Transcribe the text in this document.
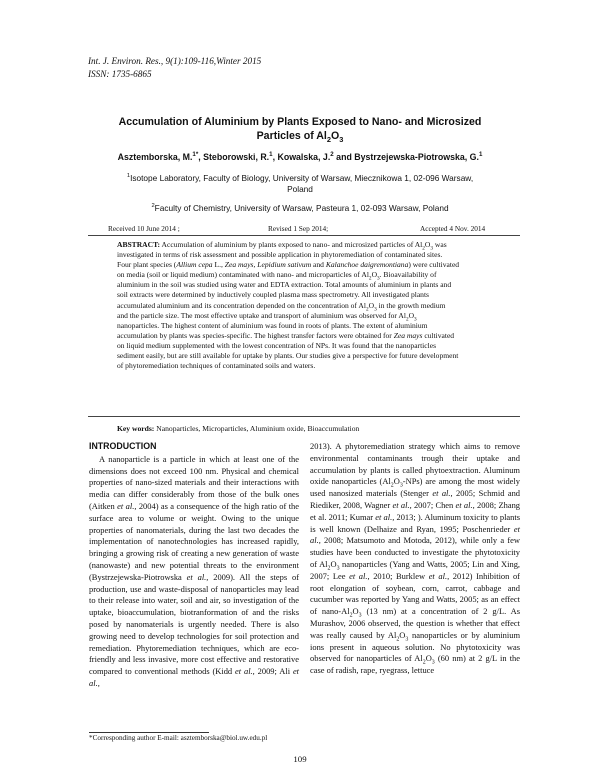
Int. J. Environ. Res., 9(1):109-116,Winter 2015
ISSN: 1735-6865
Accumulation of Aluminium by Plants Exposed to Nano- and Microsized
Particles of $Al_2O_3$
Asztemborska, M.$^{1*}$, Steborowski, R.$^1$, Kowalska, J.$^2$ and Bystrzejewska-Piotrowska, G.$^1$
$^1$Isotope Laboratory, Faculty of Biology, University of Warsaw, Miecznikowa 1, 02-096 Warsaw,
Poland
$^2$Faculty of Chemistry, University of Warsaw, Pasteura 1, 02-093 Warsaw, Poland
Received 10 June 2014 ;	Revised 1 Sep 2014;	Accepted 4 Nov. 2014
ABSTRACT: Accumulation of aluminium by plants exposed to nano- and microsized particles of $Al_2O_3$ was
investigated in terms of risk assessment and possible application in phytoremediation of contaminated sites.
Four plant species (Allium cepa L., Zea mays, Lepidium sativum and Kalanchoe daigremontiana) were cultivated
on media (soil or liquid medium) contaminated with nano- and microparticles of $Al_2O_3$. Bioavailability of
aluminium in the soil was studied using water and EDTA extraction. Total amounts of aluminium in plants and
soil extracts were determined by inductively coupled plasma mass spectrometry. All investigated plants
accumulated aluminium and its concentration depended on the concentration of $Al_2O_3$ in the growth medium
and the particle size. The most effective uptake and transport of aluminium was observed for $Al_2O_3$
nanoparticles. The highest content of aluminium was found in roots of plants. The extent of aluminium
accumulation by plants was species-specific. The highest transfer factors were obtained for Zea mays cultivated
on liquid medium supplemented with the lowest concentration of NPs. It was found that the nanoparticles
sediment easily, but are still available for uptake by plants. Our studies give a perspective for future development
of phytoremediation techniques of contaminated soils and waters.
Key words: Nanoparticles, Microparticles, Aluminium oxide, Bioaccumulation
INTRODUCTION

A nanoparticle is a particle in which at least one of the dimensions does not exceed 100 nm. Physical and chemical properties of nano-sized materials and their interactions with media can differ considerably from those of the bulk ones (Aitken et al., 2004) as a consequence of the high ratio of the surface area to volume or weight. Owing to the unique properties of nanomaterials, during the last two decades the implementation of nanotechnologies has increased rapidly, bringing a growing risk of creating a new generation of waste (nanowaste) and new potential threats to the environment (Bystrzejewska-Piotrowska et al., 2009). All the steps of production, use and waste-disposal of nanoparticles may lead to their release into water, soil and air, so investigation of the uptake, bioaccumulation, biotranformation of and the risks posed by nanomaterials is urgently needed. There is also growing need to develop technologies for soil protection and remediation. Phytoremediation techniques, which are eco-friendly and less invasive, more cost effective and restorative compared to conventional methods (Kidd et al., 2009; Ali et al.,

2013). A phytoremediation strategy which aims to remove environmental contaminants trough their uptake and accumulation by plants is called phytoextraction. Aluminum oxide nanoparticles $(Al_2O_3-NPs)$ are among the most widely used nanosized materials (Stenger et al., 2005; Schmid and Riediker, 2008, Wagner et al., 2007; Chen et al., 2008; Zhang et al. 2011; Kumar et al., 2013; ). Aluminum toxicity to plants is well known (Delhaize and Ryan, 1995; Poschenrieder et al., 2008; Matsumoto and Motoda, 2012), while only a few studies have been conducted to investigate the phytotoxicity of $Al_2O_3$ nanoparticles (Yang and Watts, 2005; Lin and Xing, 2007; Lee et al., 2010; Burklew et al., 2012) Inhibition of root elongation of soybean, corn, carrot, cabbage and cucumber was reported by Yang and Watts, 2005; as an effect of nano-$Al_2O_3$ (13 nm) at a concentration of 2 g/L. As Murashov, 2006 observed, the question is whether that effect was really caused by $Al_2O_3$ nanoparticles or by aluminium ions present in aqueous solution. No phytotoxicity was observed for nanoparticles of $Al_2O_3$ (60 nm) at 2 g/L in the case of radish, rape, ryegrass, lettuce

*Corresponding author E-mail: asztemborska@biol.uw.edu.pl
109
